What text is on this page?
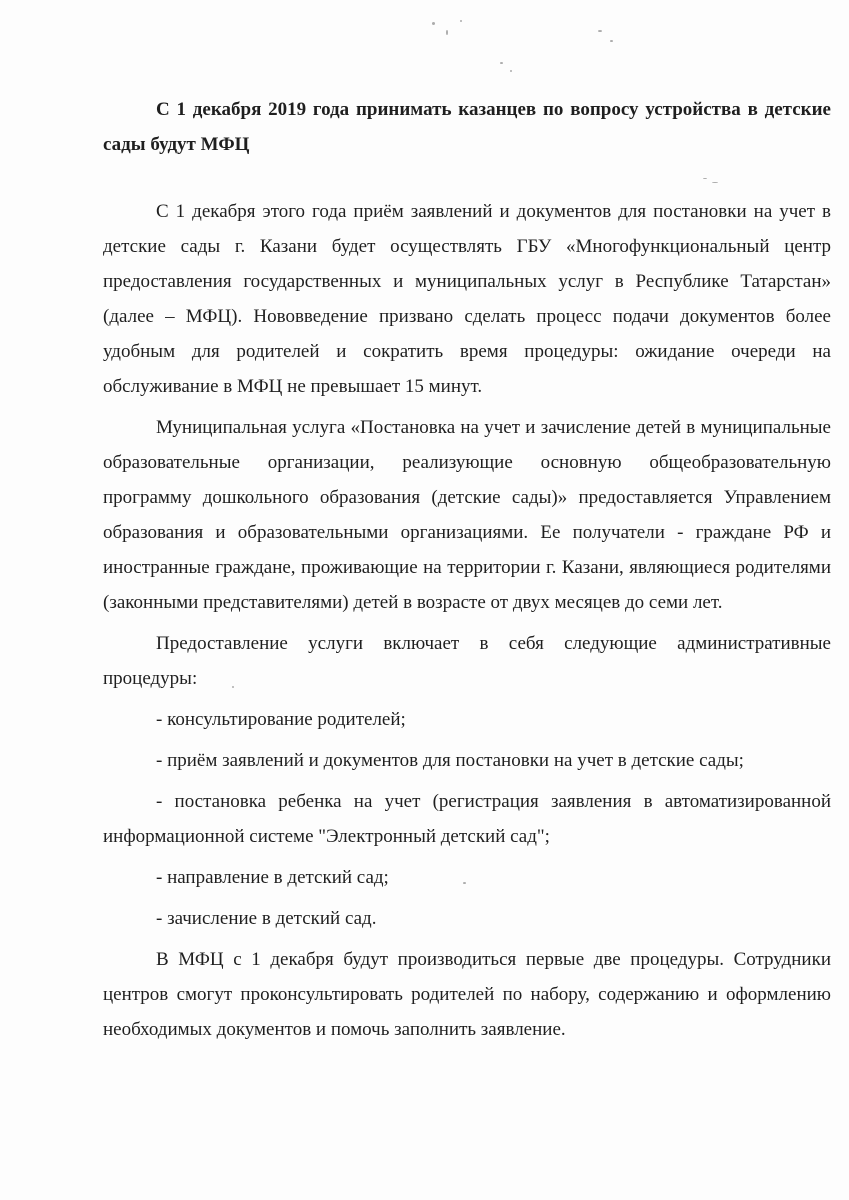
С 1 декабря 2019 года принимать казанцев по вопросу устройства в детские сады будут МФЦ

С 1 декабря этого года приём заявлений и документов для постановки на учет в детские сады г. Казани будет осуществлять ГБУ «Многофункциональный центр предоставления государственных и муниципальных услуг в Республике Татарстан» (далее – МФЦ). Нововведение призвано сделать процесс подачи документов более удобным для родителей и сократить время процедуры: ожидание очереди на обслуживание в МФЦ не превышает 15 минут.

Муниципальная услуга «Постановка на учет и зачисление детей в муниципальные образовательные организации, реализующие основную общеобразовательную программу дошкольного образования (детские сады)» предоставляется Управлением образования и образовательными организациями. Ее получатели - граждане РФ и иностранные граждане, проживающие на территории г. Казани, являющиеся родителями (законными представителями) детей в возрасте от двух месяцев до семи лет.

Предоставление услуги включает в себя следующие административные процедуры:

- консультирование родителей;

- приём заявлений и документов для постановки на учет в детские сады;

- постановка ребенка на учет (регистрация заявления в автоматизированной информационной системе "Электронный детский сад";

- направление в детский сад;

- зачисление в детский сад.

В МФЦ с 1 декабря будут производиться первые две процедуры. Сотрудники центров смогут проконсультировать родителей по набору, содержанию и оформлению необходимых документов и помочь заполнить заявление.
